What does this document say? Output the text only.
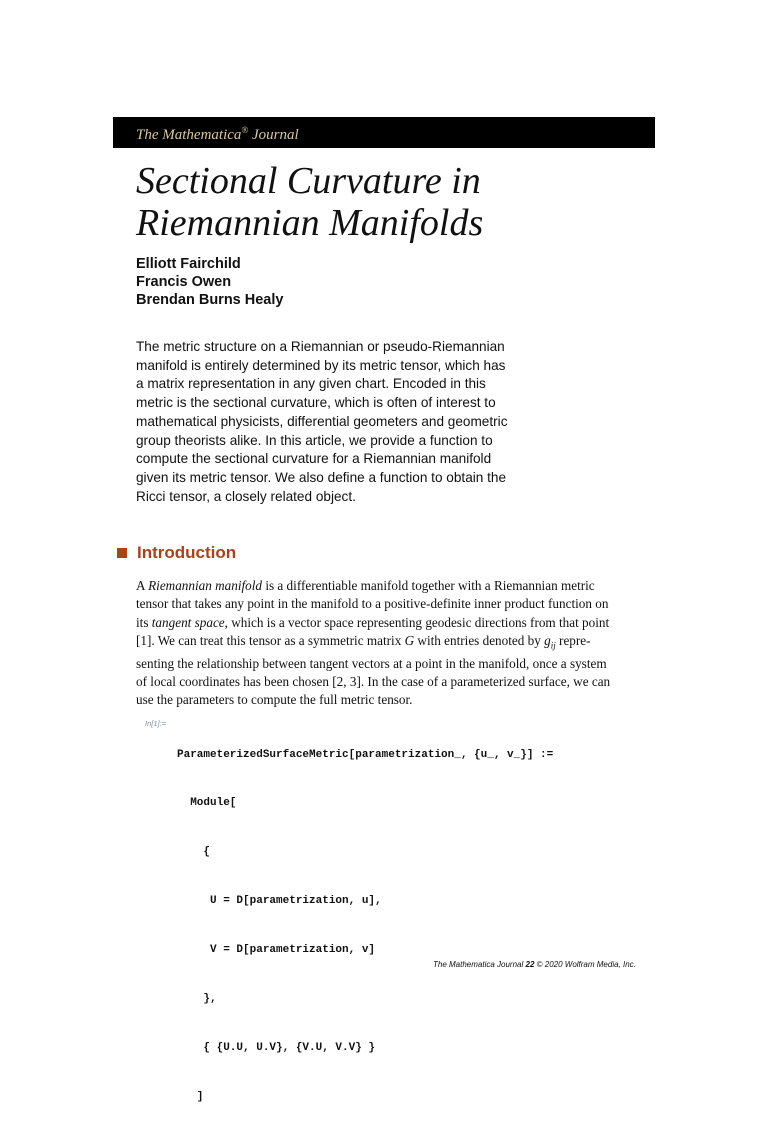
The Mathematica® Journal
Sectional Curvature in
Riemannian Manifolds
Elliott Fairchild
Francis Owen
Brendan Burns Healy
The metric structure on a Riemannian or pseudo-Riemannian
manifold is entirely determined by its metric tensor, which has
a matrix representation in any given chart. Encoded in this
metric is the sectional curvature, which is often of interest to
mathematical physicists, differential geometers and geometric
group theorists alike. In this article, we provide a function to
compute the sectional curvature for a Riemannian manifold
given its metric tensor. We also define a function to obtain the
Ricci tensor, a closely related object.
Introduction
A Riemannian manifold is a differentiable manifold together with a Riemannian metric
tensor that takes any point in the manifold to a positive-definite inner product function on
its tangent space, which is a vector space representing geodesic directions from that point
[1]. We can treat this tensor as a symmetric matrix G with entries denoted by $g_{ij}$ repre-
senting the relationship between tangent vectors at a point in the manifold, once a system
of local coordinates has been chosen [2, 3]. In the case of a parameterized surface, we can
use the parameters to compute the full metric tensor.
In[1]:=

ParameterizedSurfaceMetric[parametrization_, {u_, v_}] :=

Module[

{

U = D[parametrization, u],

V = D[parametrization, v]

},

{ {U.U, U.V}, {V.U, V.V} }

]

The Mathematica Journal 22 © 2020 Wolfram Media, Inc.
